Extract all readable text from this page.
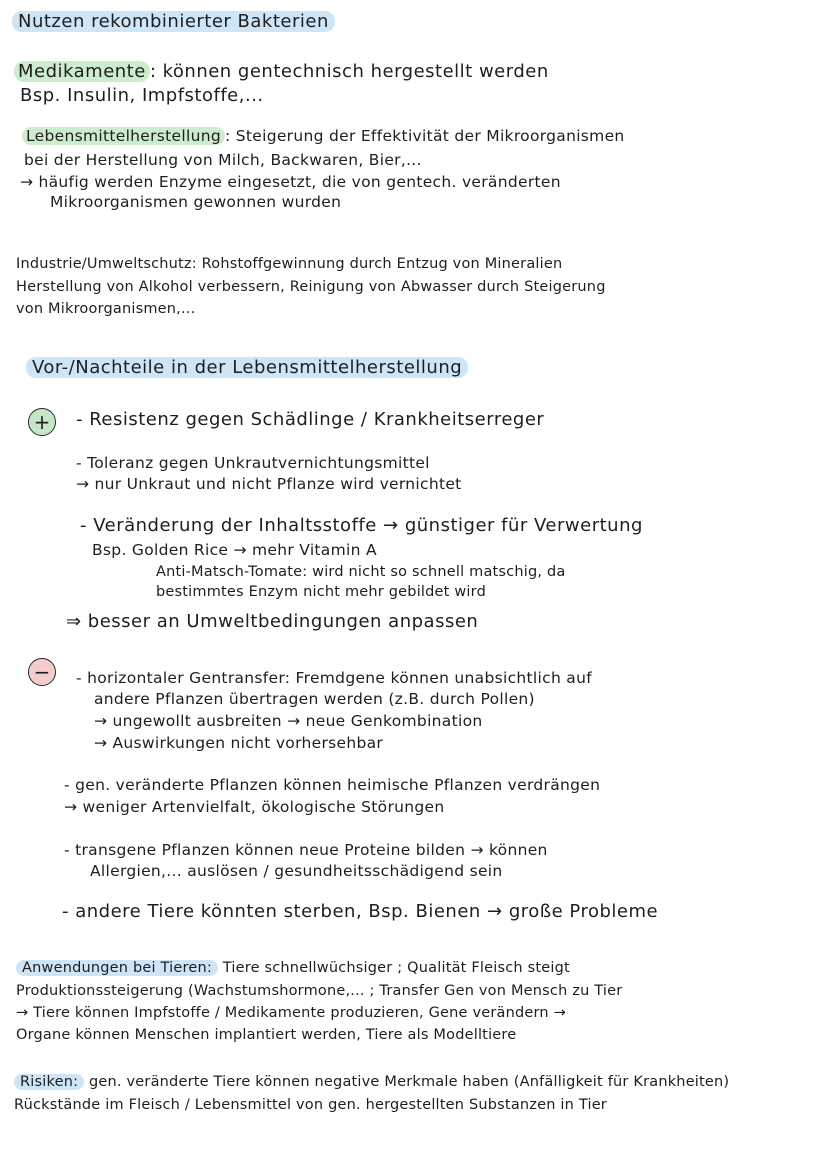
Nutzen rekombinierter Bakterien
Medikamente : können gentechnisch hergestellt werden
Bsp. Insulin, Impfstoffe,...
Lebensmittelherstellung : Steigerung der Effektivität der Mikroorganismen
bei der Herstellung von Milch, Backwaren, Bier,...
→ häufig werden Enzyme eingesetzt, die von gentech. veränderten
Mikroorganismen gewonnen wurden
Industrie/Umweltschutz: Rohstoffgewinnung durch Entzug von Mineralien
Herstellung von Alkohol verbessern, Reinigung von Abwasser durch Steigerung
von Mikroorganismen,...
Vor-/Nachteile in der Lebensmittelherstellung
+	- Resistenz gegen Schädlinge / Krankheitserreger
- Toleranz gegen Unkrautvernichtungsmittel
→ nur Unkraut und nicht Pflanze wird vernichtet
- Veränderung der Inhaltsstoffe → günstiger für Verwertung
Bsp. Golden Rice → mehr Vitamin A
Anti-Matsch-Tomate: wird nicht so schnell matschig, da
bestimmtes Enzym nicht mehr gebildet wird
⇒ besser an Umweltbedingungen anpassen
−	- horizontaler Gentransfer: Fremdgene können unabsichtlich auf
andere Pflanzen übertragen werden (z.B. durch Pollen)
→ ungewollt ausbreiten → neue Genkombination
→ Auswirkungen nicht vorhersehbar
- gen. veränderte Pflanzen können heimische Pflanzen verdrängen
→ weniger Artenvielfalt, ökologische Störungen
- transgene Pflanzen können neue Proteine bilden → können
Allergien,... auslösen / gesundheitsschädigend sein
- andere Tiere könnten sterben, Bsp. Bienen → große Probleme
Anwendungen bei Tieren: Tiere schnellwüchsiger ; Qualität Fleisch steigt
Produktionssteigerung (Wachstumshormone,... ; Transfer Gen von Mensch zu Tier
→ Tiere können Impfstoffe / Medikamente produzieren, Gene verändern →
Organe können Menschen implantiert werden, Tiere als Modelltiere
Risiken: gen. veränderte Tiere können negative Merkmale haben (Anfälligkeit für Krankheiten)
Rückstände im Fleisch / Lebensmittel von gen. hergestellten Substanzen in Tier
